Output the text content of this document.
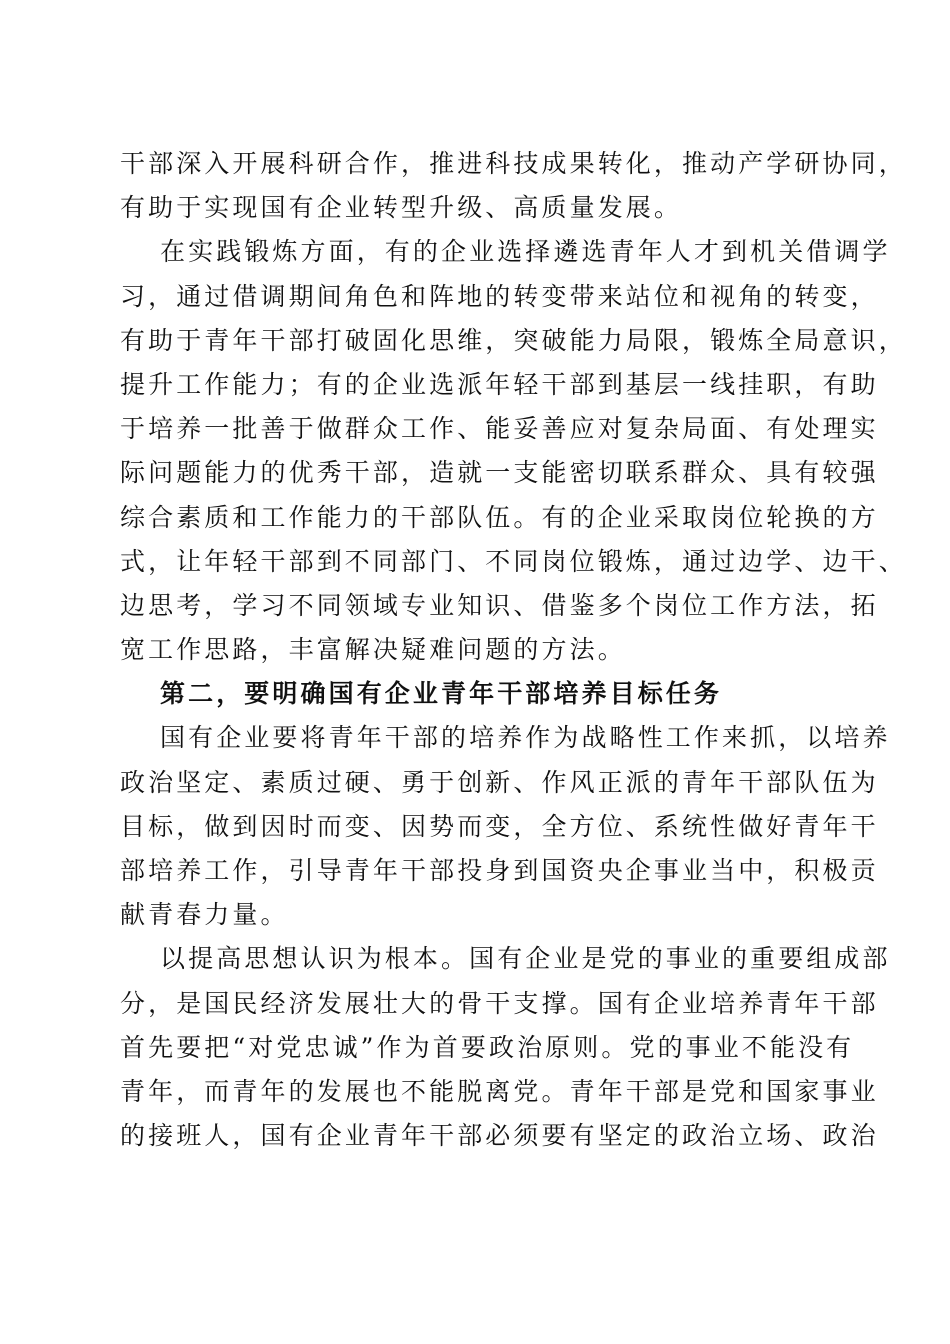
干部深入开展科研合作，推进科技成果转化，推动产学研协同，
有助于实现国有企业转型升级、高质量发展。
在实践锻炼方面，有的企业选择遴选青年人才到机关借调学
习，通过借调期间角色和阵地的转变带来站位和视角的转变，
有助于青年干部打破固化思维，突破能力局限，锻炼全局意识，
提升工作能力；有的企业选派年轻干部到基层一线挂职，有助
于培养一批善于做群众工作、能妥善应对复杂局面、有处理实
际问题能力的优秀干部，造就一支能密切联系群众、具有较强
综合素质和工作能力的干部队伍。有的企业采取岗位轮换的方
式，让年轻干部到不同部门、不同岗位锻炼，通过边学、边干、
边思考，学习不同领域专业知识、借鉴多个岗位工作方法，拓
宽工作思路，丰富解决疑难问题的方法。
第二，要明确国有企业青年干部培养目标任务
国有企业要将青年干部的培养作为战略性工作来抓，以培养
政治坚定、素质过硬、勇于创新、作风正派的青年干部队伍为
目标，做到因时而变、因势而变，全方位、系统性做好青年干
部培养工作，引导青年干部投身到国资央企事业当中，积极贡
献青春力量。
以提高思想认识为根本。国有企业是党的事业的重要组成部
分，是国民经济发展壮大的骨干支撑。国有企业培养青年干部
首先要把“对党忠诚”作为首要政治原则。党的事业不能没有
青年，而青年的发展也不能脱离党。青年干部是党和国家事业
的接班人，国有企业青年干部必须要有坚定的政治立场、政治
